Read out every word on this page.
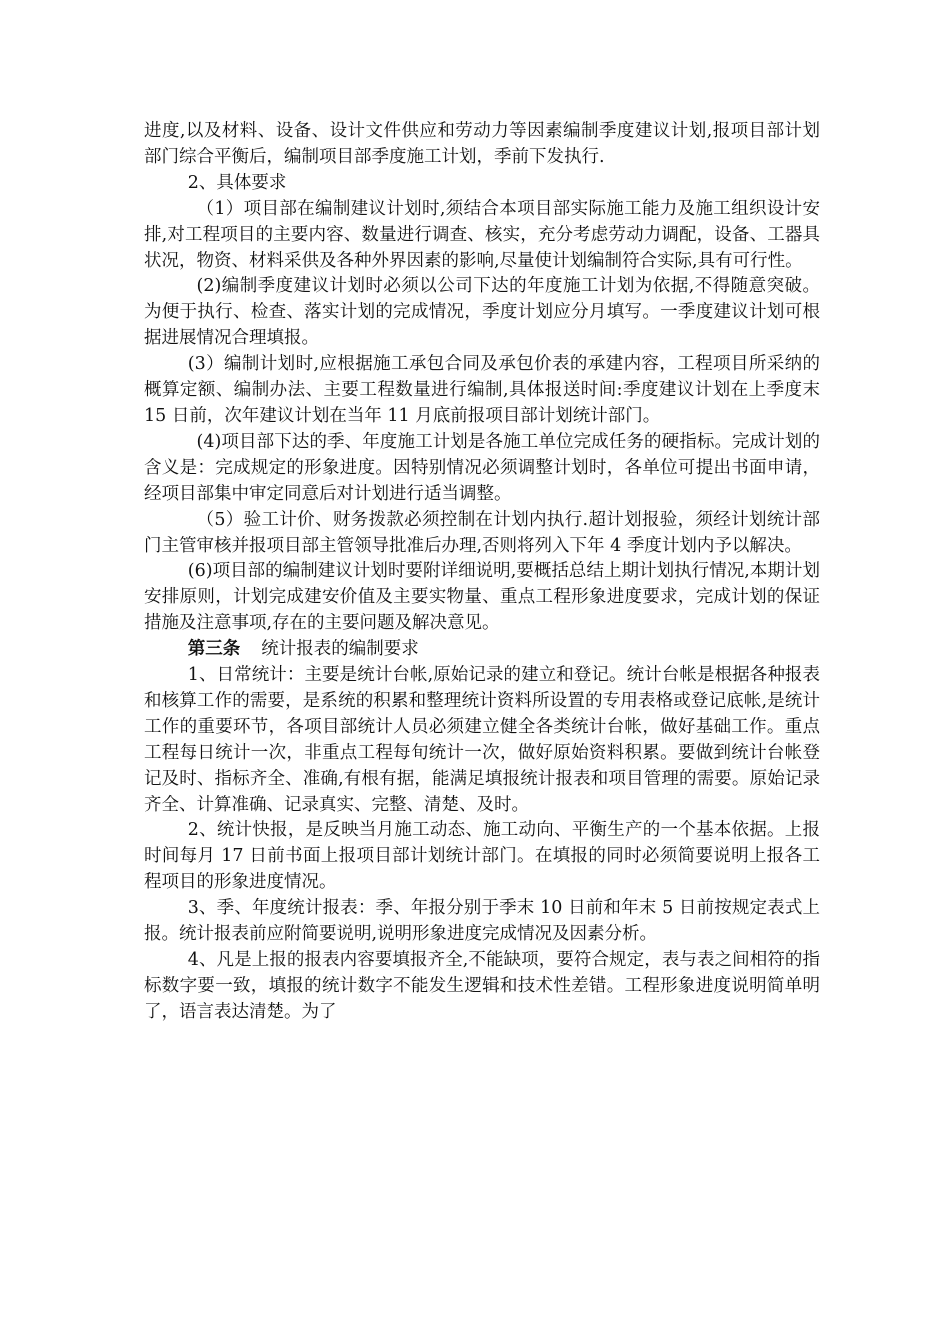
进度,以及材料、设备、设计文件供应和劳动力等因素编制季度建议计划,报项目部计划部门综合平衡后，编制项目部季度施工计划，季前下发执行.

2、具体要求

（1）项目部在编制建议计划时,须结合本项目部实际施工能力及施工组织设计安排,对工程项目的主要内容、数量进行调查、核实，充分考虑劳动力调配，设备、工器具状况，物资、材料采供及各种外界因素的影响,尽量使计划编制符合实际,具有可行性。

(2)编制季度建议计划时必须以公司下达的年度施工计划为依据,不得随意突破。为便于执行、检查、落实计划的完成情况，季度计划应分月填写。一季度建议计划可根据进展情况合理填报。

(3）编制计划时,应根据施工承包合同及承包价表的承建内容，工程项目所采纳的概算定额、编制办法、主要工程数量进行编制,具体报送时间:季度建议计划在上季度末 15 日前，次年建议计划在当年 11 月底前报项目部计划统计部门。

(4)项目部下达的季、年度施工计划是各施工单位完成任务的硬指标。完成计划的含义是：完成规定的形象进度。因特别情况必须调整计划时，各单位可提出书面申请，经项目部集中审定同意后对计划进行适当调整。

（5）验工计价、财务拨款必须控制在计划内执行.超计划报验，须经计划统计部门主管审核并报项目部主管领导批准后办理,否则将列入下年 4 季度计划内予以解决。

(6)项目部的编制建议计划时要附详细说明,要概括总结上期计划执行情况,本期计划安排原则，计划完成建安价值及主要实物量、重点工程形象进度要求，完成计划的保证措施及注意事项,存在的主要问题及解决意见。

第三条 统计报表的编制要求

1、日常统计：主要是统计台帐,原始记录的建立和登记。统计台帐是根据各种报表和核算工作的需要，是系统的积累和整理统计资料所设置的专用表格或登记底帐,是统计工作的重要环节，各项目部统计人员必须建立健全各类统计台帐，做好基础工作。重点工程每日统计一次，非重点工程每旬统计一次，做好原始资料积累。要做到统计台帐登记及时、指标齐全、准确,有根有据，能满足填报统计报表和项目管理的需要。原始记录齐全、计算准确、记录真实、完整、清楚、及时。

2、统计快报，是反映当月施工动态、施工动向、平衡生产的一个基本依据。上报时间每月 17 日前书面上报项目部计划统计部门。在填报的同时必须简要说明上报各工程项目的形象进度情况。

3、季、年度统计报表：季、年报分别于季末 10 日前和年末 5 日前按规定表式上报。统计报表前应附简要说明,说明形象进度完成情况及因素分析。

4、凡是上报的报表内容要填报齐全,不能缺项，要符合规定，表与表之间相符的指标数字要一致，填报的统计数字不能发生逻辑和技术性差错。工程形象进度说明简单明了，语言表达清楚。为了
